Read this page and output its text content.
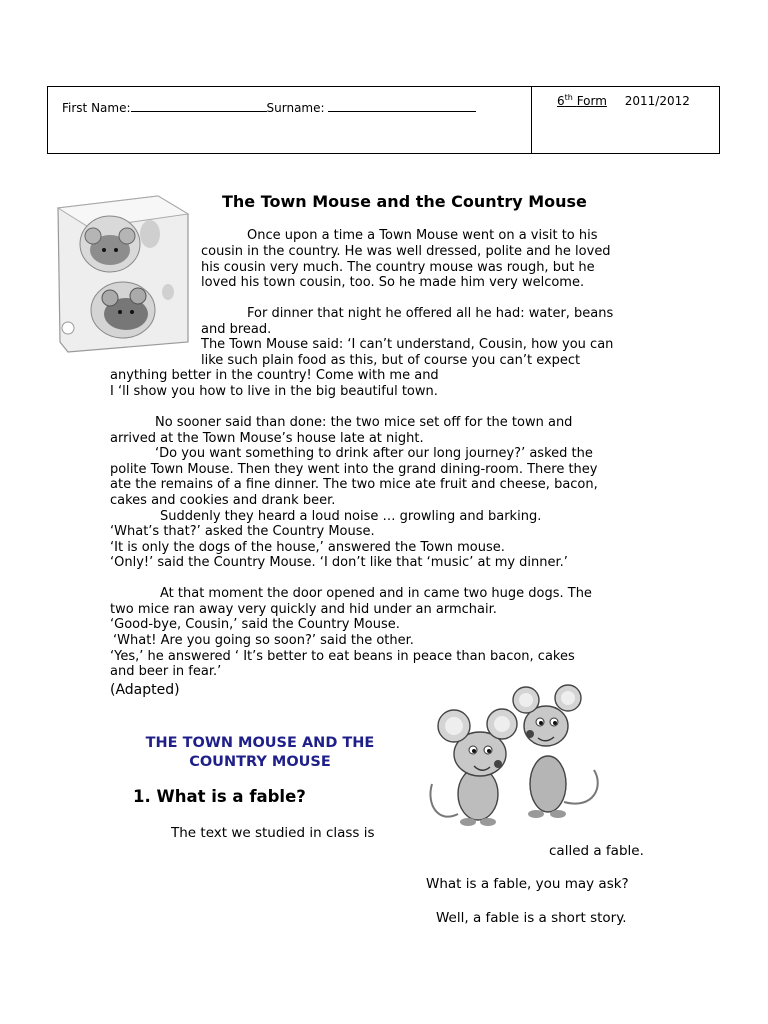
First Name:	Surname:	6th Form 2011/2012
The Town Mouse and the Country Mouse
Once upon a time a Town Mouse went on a visit to his
cousin in the country. He was well dressed, polite and he loved
his cousin very much. The country mouse was rough, but he
loved his town cousin, too. So he made him very welcome.
For dinner that night he offered all he had: water, beans
and bread.
The Town Mouse said: ‘I can’t understand, Cousin, how you can
like such plain food as this, but of course you can’t expect
anything better in the country! Come with me and
I ‘ll show you how to live in the big beautiful town.
No sooner said than done: the two mice set off for the town and
arrived at the Town Mouse’s house late at night.
‘Do you want something to drink after our long journey?’ asked the
polite Town Mouse. Then they went into the grand dining-room. There they
ate the remains of a fine dinner. The two mice ate fruit and cheese, bacon,
cakes and cookies and drank beer.
Suddenly they heard a loud noise … growling and barking.
‘What’s that?’ asked the Country Mouse.
‘It is only the dogs of the house,’ answered the Town mouse.
‘Only!’ said the Country Mouse. ‘I don’t like that ‘music’ at my dinner.’
At that moment the door opened and in came two huge dogs. The
two mice ran away very quickly and hid under an armchair.
‘Good-bye, Cousin,’ said the Country Mouse.
‘What! Are you going so soon?’ said the other.
‘Yes,’ he answered ‘ It’s better to eat beans in peace than bacon, cakes
and beer in fear.’
(Adapted)
THE TOWN MOUSE AND THE
COUNTRY MOUSE
1. What is a fable?
The text we studied in class is
called a fable.
What is a fable, you may ask?
Well, a fable is a short story.
